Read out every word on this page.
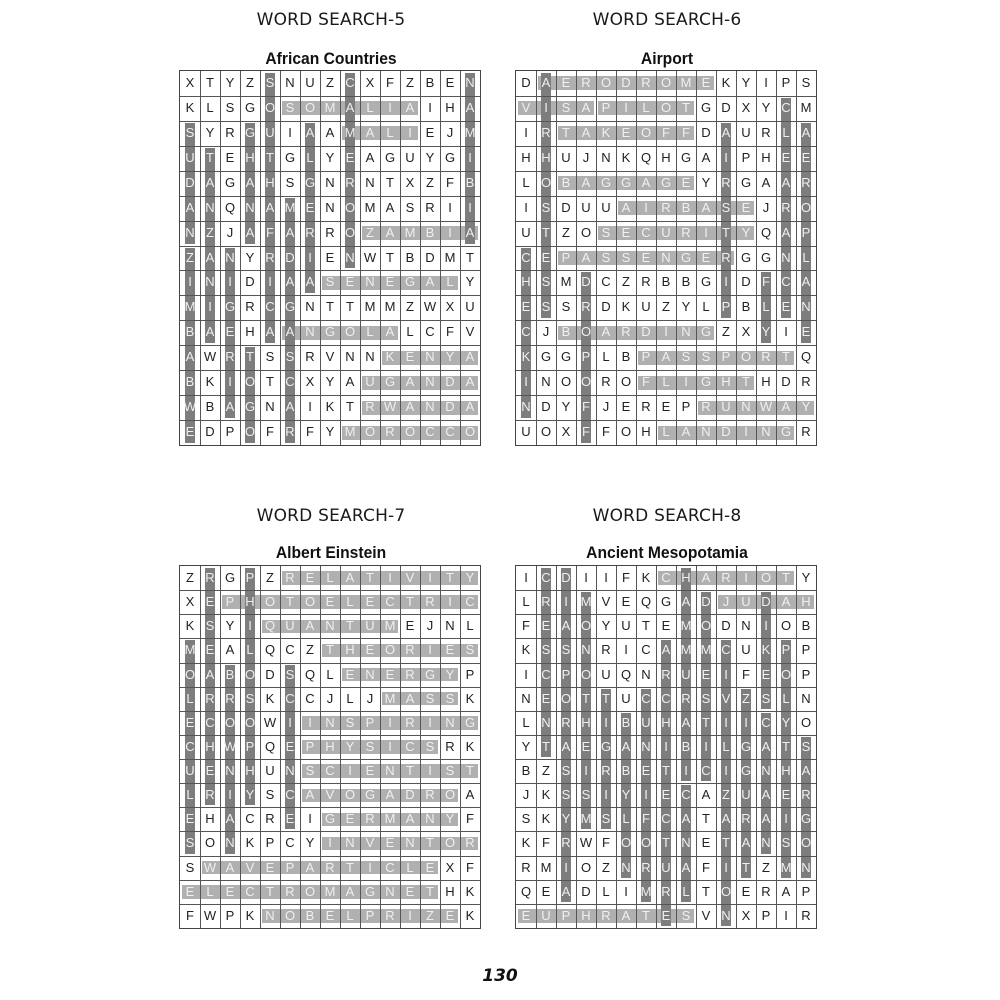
WORD SEARCH-5
African Countries
X T Y Z S N U Z C X F Z B E N
K L S G O S O M A L	I	A	I	H A
S Y R G U	I	A A M A L	I	E J M
U T E H T G L Y E A G U Y G	I
D A G A H S G N R N T X Z F B
A N Q N A M E N O M A S R	I	I
N Z J A F A R R O Z A M B	I	A
Z A N Y R D	I	E N W T B D M T
I	N	I	D	I	A A S E N E G A L Y
M I	G R C G N T T M M Z W X U
B A E H A A N G O L A L C F V
A W R T S S R V N N K E N Y A
B K	I	O T C X Y A U G A N D A
W B A G N A	I	K T R W A N D A
E D P O F R F Y M O R O C C O
WORD SEARCH-6
Airport
D A E R O D R O M E K Y	I	P S
V	I	S A P	I	L O T G D X Y C M
I	R T A K E O F F D A U R L A
H H U J N K Q H G A	I	P H E E
L O B A G G A G E Y R G A A R
I	S D U U A	I	R B A S E J R O
U T Z O S E C U R	I	T Y Q A P
C E P A S S E N G E R G G N L
H S M D C Z R B B G	I	D F C A
E S S R D K U Z Y L P B L E N
C J B O A R D	I	N G Z X Y	I	E
K G G P L B P A S S P O R T Q
I	N O O R O F L	I	G H T H D R
N D Y F J E R E P R U N W A Y
U O X F F O H L A N D	I	N G R
WORD SEARCH-7
Albert Einstein
Z R G P Z R E L A T	I	V	I	T Y
X E P H O T O E L E C T R	I	C
K S Y	I	Q U A N T U M E J N L
M E A L Q C Z T H E O R	I	E S
O A B O D S Q L E N E R G Y P
L R R S K C C J	L	J M A S S K
E C O O W I	I	N S P	I	R	I	N G
C H W P Q E P H Y S	I	C S R K
U E N H U N S C	I	E N T	I	S T
L R	I	Y S C A V O G A D R O A
E H A C R E	I	G E R M A N Y F
S O N K P C Y	I	N V E N T O R
S W A V E P A R T	I	C L E X F
E L E C T R O M A G N E T H K
F W P K N O B E L P R	I	Z E K
WORD SEARCH-8
Ancient Mesopotamia
I	C D	I	I	F K C H A R	I	O T Y
L R	I M V E Q G A D J U D A H
F E A O Y U T E M O D N	I	O B
K S S N R	I	C A M M C U K P P
I	C P O U Q N R U E	I	F E O P
N E O T T U C C R S V Z S L N
L N R H	I	B U H A T	I	I	C Y O
Y T A E G A N	I	B	I	L G A T S
B Z S	I	R B E T	I	C	I	G N H A
J K S S	I	Y	I	E C A Z U A E R
S K Y M S L F C A T A R A	I	G
K F R W F O O T N E T A N S O
R M I	O Z N R U A F	I	T Z M N
Q E A D L	I M R L T O E R A P
E U P H R A T E S V N X P	I	R
130
